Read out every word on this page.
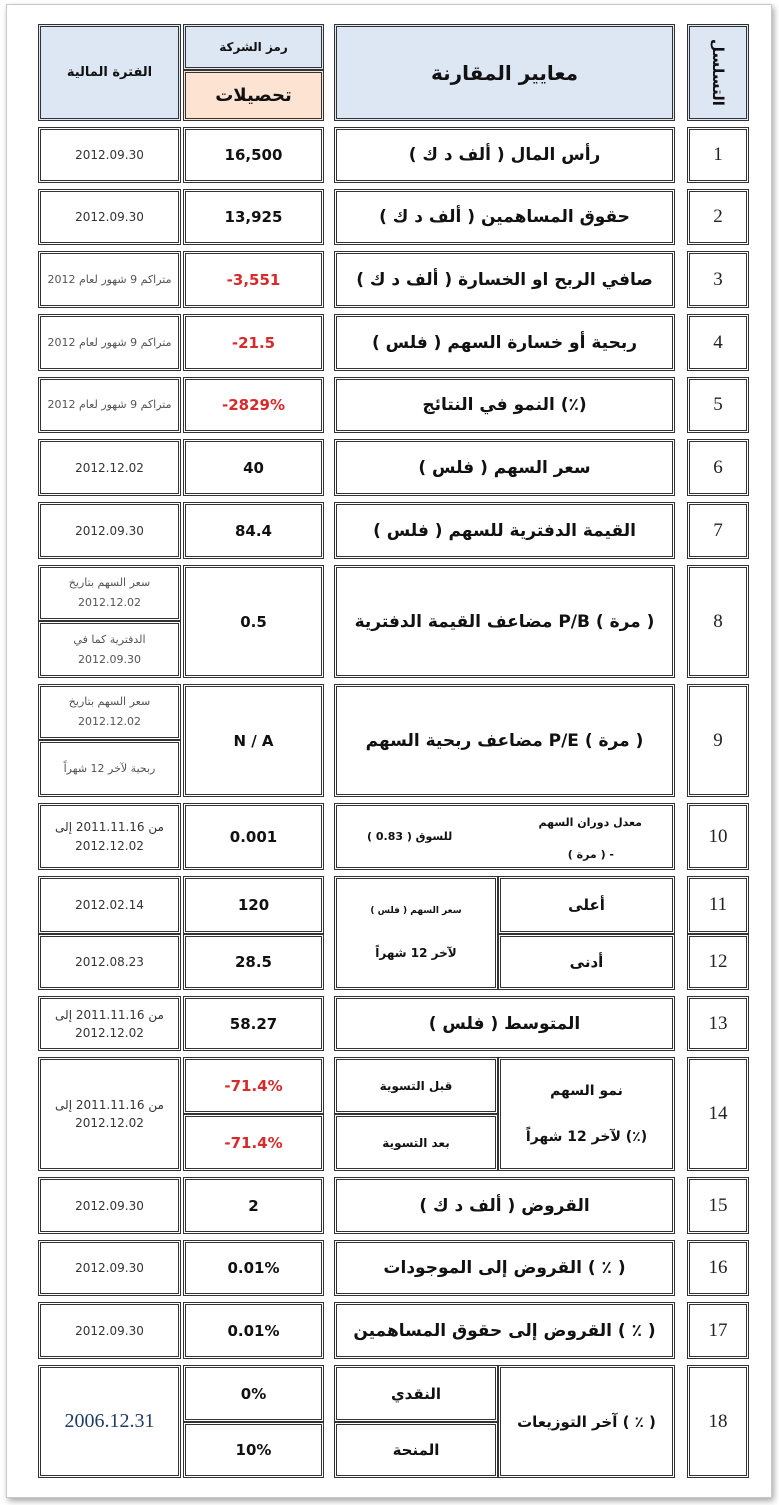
التسلسل
معايير المقارنة
رمز الشركة
تحصيلات
الفترة المالية
1
رأس المال ( ألف د ك )
16,500
2012.09.30
2
حقوق المساهمين ( ألف د ك )
13,925
2012.09.30
3
صافي الربح او الخسارة ( ألف د ك )
-3,551
متراكم 9 شهور لعام 2012
4
ربحية أو خسارة السهم ( فلس )
-21.5
متراكم 9 شهور لعام 2012
5
النمو في النتائج (٪)
-2829%
متراكم 9 شهور لعام 2012
6
سعر السهم ( فلس )
40
2012.12.02
7
القيمة الدفترية للسهم ( فلس )
84.4
2012.09.30
8
مضاعف القيمة الدفترية P/B ( مرة )
0.5
سعر السهم بتاريخ 2012.12.02
الدفترية كما في 2012.09.30
9
مضاعف ربحية السهم P/E ( مرة )
N / A
سعر السهم بتاريخ 2012.12.02
ربحية لآخر 12 شهراً
10
معدل دوران السهم
للسوق ( 0.83 )
( مرة ) -
0.001
من 2011.11.16 إلى 2012.12.02
11
12
أعلى
أدنى
سعر السهم ( فلس )
لآخر 12 شهراً
120
28.5
2012.02.14
2012.08.23
13
المتوسط ( فلس )
58.27
من 2011.11.16 إلى 2012.12.02
14
نمو السهم
لآخر 12 شهراً (٪)
قبل التسوية
بعد التسوية
-71.4%
-71.4%
من 2011.11.16 إلى 2012.12.02
15
القروض ( ألف د ك )
2
2012.09.30
16
القروض إلى الموجودات ( ٪ )
0.01%
2012.09.30
17
القروض إلى حقوق المساهمين ( ٪ )
0.01%
2012.09.30
18
آخر التوزيعات ( ٪ )
النقدي
المنحة
0%
10%
2006.12.31
